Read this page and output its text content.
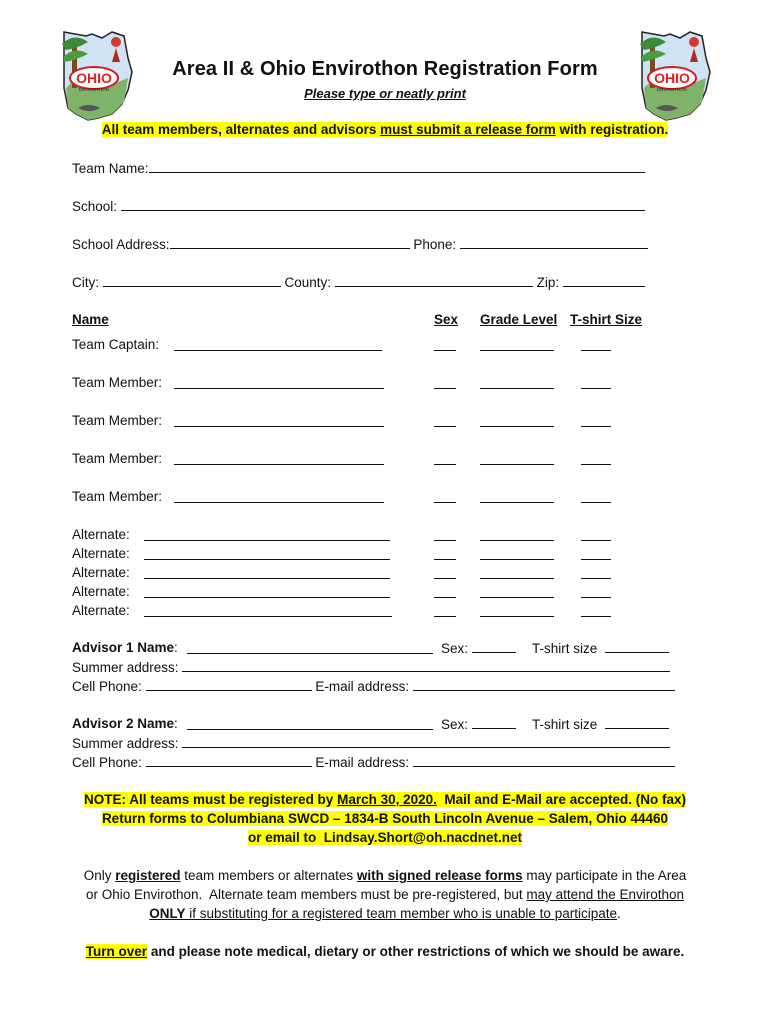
OHIO
ENVIROTHON
OHIO
ENVIROTHON
Area II & Ohio Envirothon Registration Form
Please type or neatly print
All team members, alternates and advisors must submit a release form with registration.
Team Name:
School:
School Address:	Phone:
City:	County:	Zip:
Name	Sex Grade Level T-shirt Size
Team Captain:
Team Member:
Team Member:
Team Member:
Team Member:
Alternate:
Alternate:
Alternate:
Alternate:
Alternate:
Advisor 1 Name:	Sex:	T-shirt size
Summer address:
Cell Phone:	E-mail address:
Advisor 2 Name:	Sex:	T-shirt size
Summer address:
Cell Phone:	E-mail address:
NOTE: All teams must be registered by March 30, 2020.  Mail and E-Mail are accepted. (No fax)
Return forms to Columbiana SWCD – 1834-B South Lincoln Avenue – Salem, Ohio 44460
or email to  Lindsay.Short@oh.nacdnet.net
Only registered team members or alternates with signed release forms may participate in the Area
or Ohio Envirothon.  Alternate team members must be pre-registered, but may attend the Envirothon
ONLY if substituting for a registered team member who is unable to participate.
Turn over and please note medical, dietary or other restrictions of which we should be aware.
